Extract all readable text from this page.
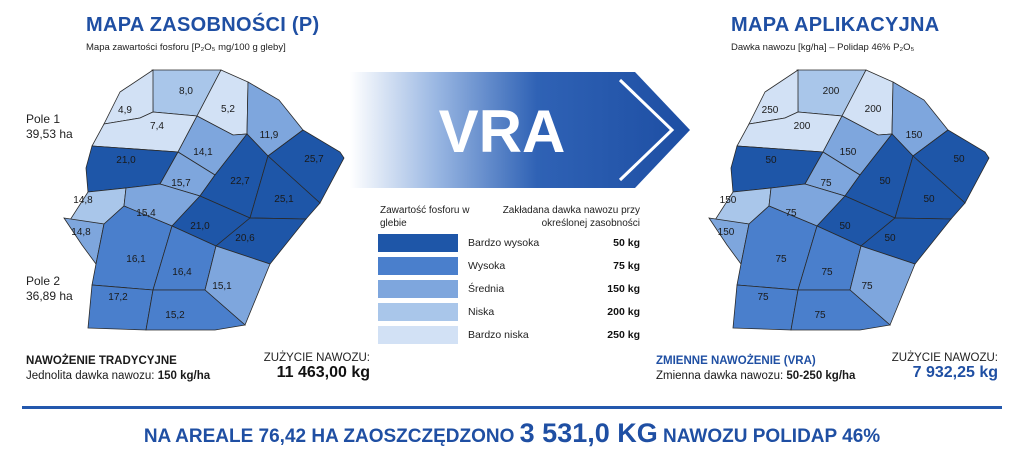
MAPA ZASOBNOŚCI (P)
Mapa zawartości fosforu [P₂O₅ mg/100 g gleby]
Pole 1
39,53 ha
Pole 2
36,89 ha
8,0
4,9
7,4
5,2
11,9
21,0
14,1
25,7
15,7	22,7
25,1
14,8
15,4
21,0
20,6
14,8
16,1
16,4
15,1
17,2
15,2
200
250
200
200
150
50
150
50
75	50
50
150
75
50
50
150
75
75
75
75
75
NAWOŻENIE TRADYCYJNE
Jednolita dawka nawozu: 150 kg/ha
ZUŻYCIE NAWOZU:
11 463,00 kg
VRA
Zawartość fosforu w glebie
Zakładana dawka nawozu przy określonej zasobności
Bardzo wysoka	50 kg
Wysoka	75 kg
Średnia	150 kg
Niska	200 kg
Bardzo niska	250 kg
MAPA APLIKACYJNA
Dawka nawozu [kg/ha] – Polidap 46% P₂O₅
ZMIENNE NAWOŻENIE (VRA)
Zmienna dawka nawozu: 50-250 kg/ha
ZUŻYCIE NAWOZU:
7 932,25 kg
NA AREALE 76,42 HA ZAOSZCZĘDZONO 3 531,0 KG NAWOZU POLIDAP 46%
